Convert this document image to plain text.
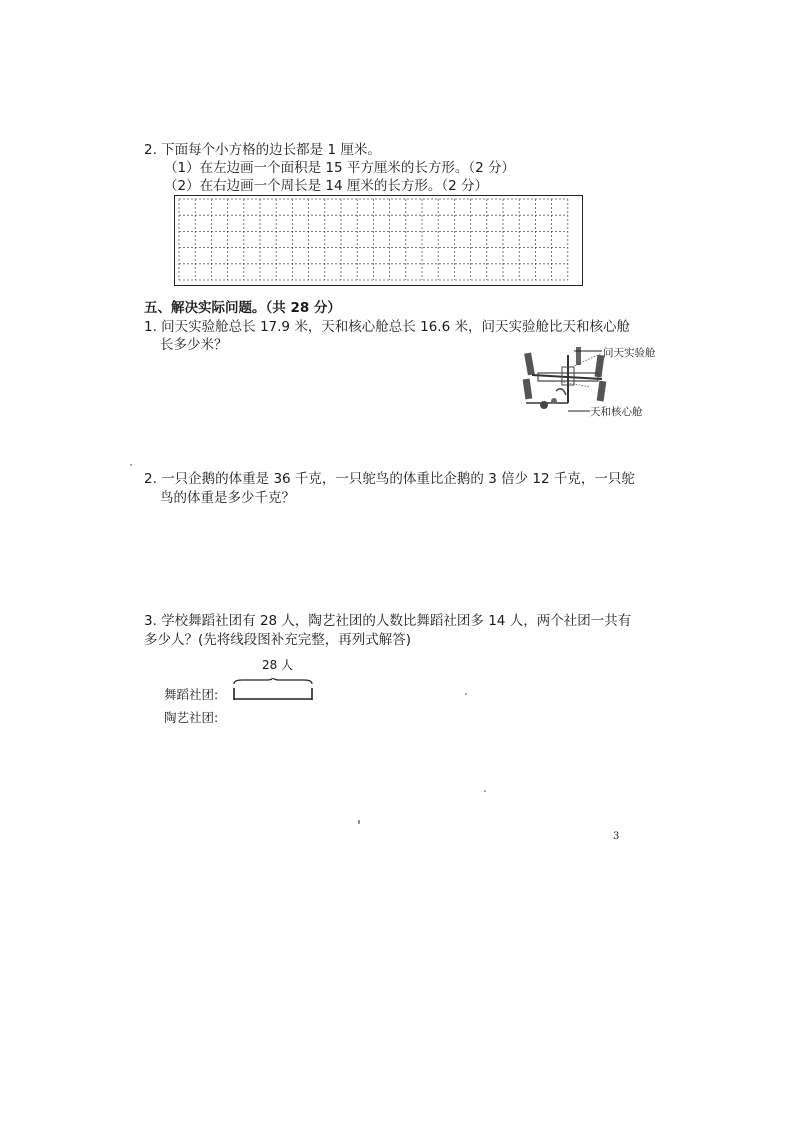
2. 下面每个小方格的边长都是 1 厘米。
（1）在左边画一个面积是 15 平方厘米的长方形。（2 分）
（2）在右边画一个周长是 14 厘米的长方形。（2 分）
五、解决实际问题。（共 28 分）
1. 问天实验舱总长 17.9 米，天和核心舱总长 16.6 米，问天实验舱比天和核心舱
长多少米？	问天实验舱
天和核心舱
2. 一只企鹅的体重是 36 千克，一只鸵鸟的体重比企鹅的 3 倍少 12 千克，一只鸵
鸟的体重是多少千克？
3. 学校舞蹈社团有 28 人，陶艺社团的人数比舞蹈社团多 14 人，两个社团一共有
多少人？(先将线段图补充完整，再列式解答)
28 人
舞蹈社团:
陶艺社团:
3
